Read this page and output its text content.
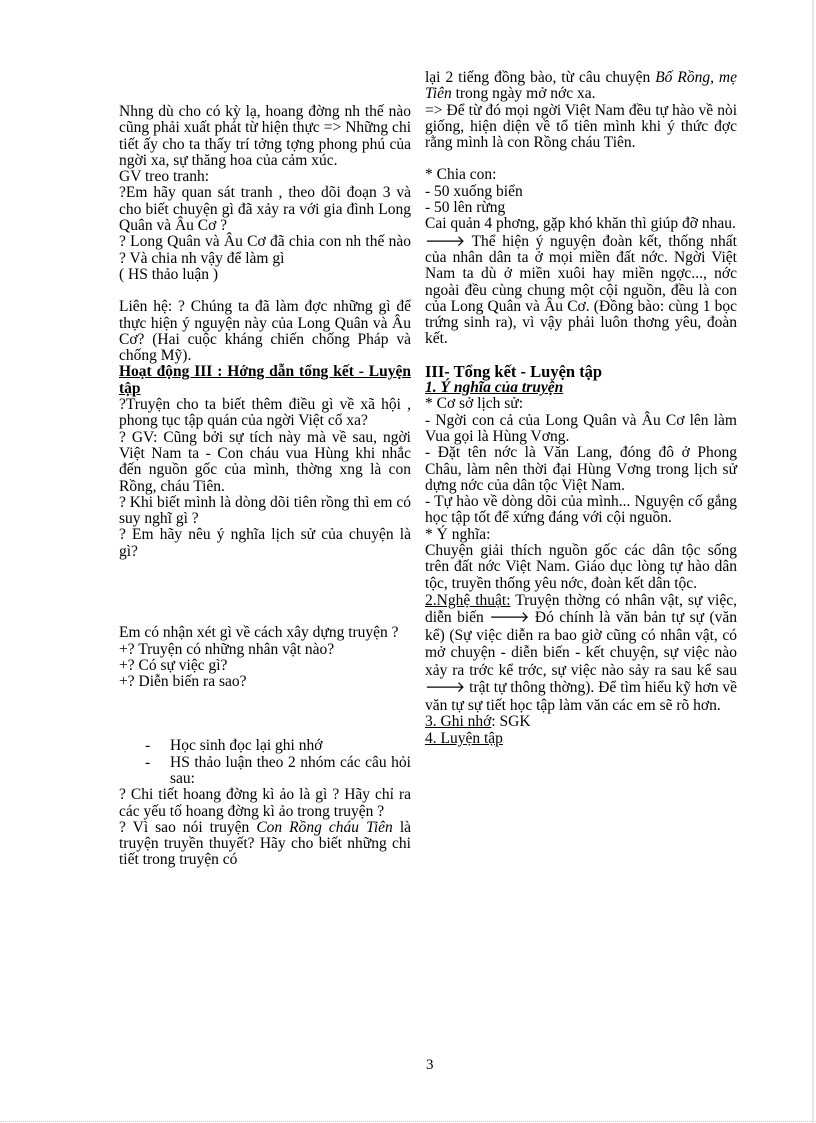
Nhng dù cho có kỳ lạ, hoang đờng nh thế nào cũng phải xuất phát từ hiện thực => Những chi tiết ấy cho ta thấy trí tởng tợng phong phú của ngời xa, sự thăng hoa của cảm xúc.

GV treo tranh:

?Em hãy quan sát tranh , theo dõi đoạn 3 và cho biết chuyện gì đã xảy ra với gia đình Long Quân và Âu Cơ ?

? Long Quân và Âu Cơ đã chia con nh thế nào ? Và chia nh vậy để làm gì

( HS thảo luận )

Liên hệ: ? Chúng ta đã làm đợc những gì để thực hiện ý nguyện này của Long Quân và Âu Cơ? (Hai cuộc kháng chiến chống Pháp và chống Mỹ).

Hoạt động III : Hớng dẫn tổng kết - Luyện tập

?Truyện cho ta biết thêm điều gì về xã hội , phong tục tập quán của ngời Việt cổ xa?

? GV: Cũng bởi sự tích này mà về sau, ngời Việt Nam ta - Con cháu vua Hùng khi nhắc đến nguồn gốc của mình, thờng xng là con Rồng, cháu Tiên.

? Khi biết mình là dòng dõi tiên rồng thì em có suy nghĩ gì ?

? Em hãy nêu ý nghĩa lịch sử của chuyện là gì?

Em có nhận xét gì về cách xây dựng truyện ?

+? Truyện có những nhân vật nào?

+? Có sự việc gì?

+? Diễn biến ra sao?

- Học sinh đọc lại ghi nhớ
- HS thảo luận theo 2 nhóm các câu hỏi sau:

? Chi tiết hoang đờng kì ảo là gì ? Hãy chỉ ra các yếu tố hoang đờng kì ảo trong truyện ?

? Vì sao nói truyện Con Rồng cháu Tiên là truyện truyền thuyết? Hãy cho biết những chi tiết trong truyện có

lại 2 tiếng đồng bào, từ câu chuyện Bố Rồng, mẹ Tiên trong ngày mở nớc xa.

=> Để từ đó mọi ngời Việt Nam đều tự hào về nòi giống, hiện diện về tổ tiên mình khi ý thức đợc rằng mình là con Rồng cháu Tiên.

* Chia con:

- 50 xuống biển

- 50 lên rừng

Cai quản 4 phơng, gặp khó khăn thì giúp đỡ nhau.

🡒 Thể hiện ý nguyện đoàn kết, thống nhất của nhân dân ta ở mọi miền đất nớc. Ngời Việt Nam ta dù ở miền xuôi hay miền ngợc..., nớc ngoài đều cùng chung một cội nguồn, đều là con của Long Quân và Âu Cơ. (Đồng bào: cùng 1 bọc trứng sinh ra), vì vậy phải luôn thơng yêu, đoàn kết.

III- Tổng kết - Luyện tập

1. Ý nghĩa của truyện

* Cơ sở lịch sử:

- Ngời con cả của Long Quân và Âu Cơ lên làm Vua gọi là Hùng Vơng.

- Đặt tên nớc là Văn Lang, đóng đô ở Phong Châu, làm nên thời đại Hùng Vơng trong lịch sử dựng nớc của dân tộc Việt Nam.

- Tự hào về dòng dõi của mình... Nguyện cố gắng học tập tốt để xứng đáng với cội nguồn.

* Ý nghĩa:

Chuyện giải thích nguồn gốc các dân tộc sống trên đất nớc Việt Nam. Giáo dục lòng tự hào dân tộc, truyền thống yêu nớc, đoàn kết dân tộc.

2.Nghệ thuật: Truyện thờng có nhân vật, sự việc, diễn biến 🡒 Đó chính là văn bản tự sự (văn kể) (Sự việc diễn ra bao giờ cũng có nhân vật, có mở chuyện - diễn biến - kết chuyện, sự việc nào xảy ra trớc kể trớc, sự việc nào sảy ra sau kể sau 🡒 trật tự thông thờng). Để tìm hiểu kỹ hơn về văn tự sự tiết học tập làm văn các em sẽ rõ hơn.

3. Ghi nhớ: SGK

4. Luyện tập

3
